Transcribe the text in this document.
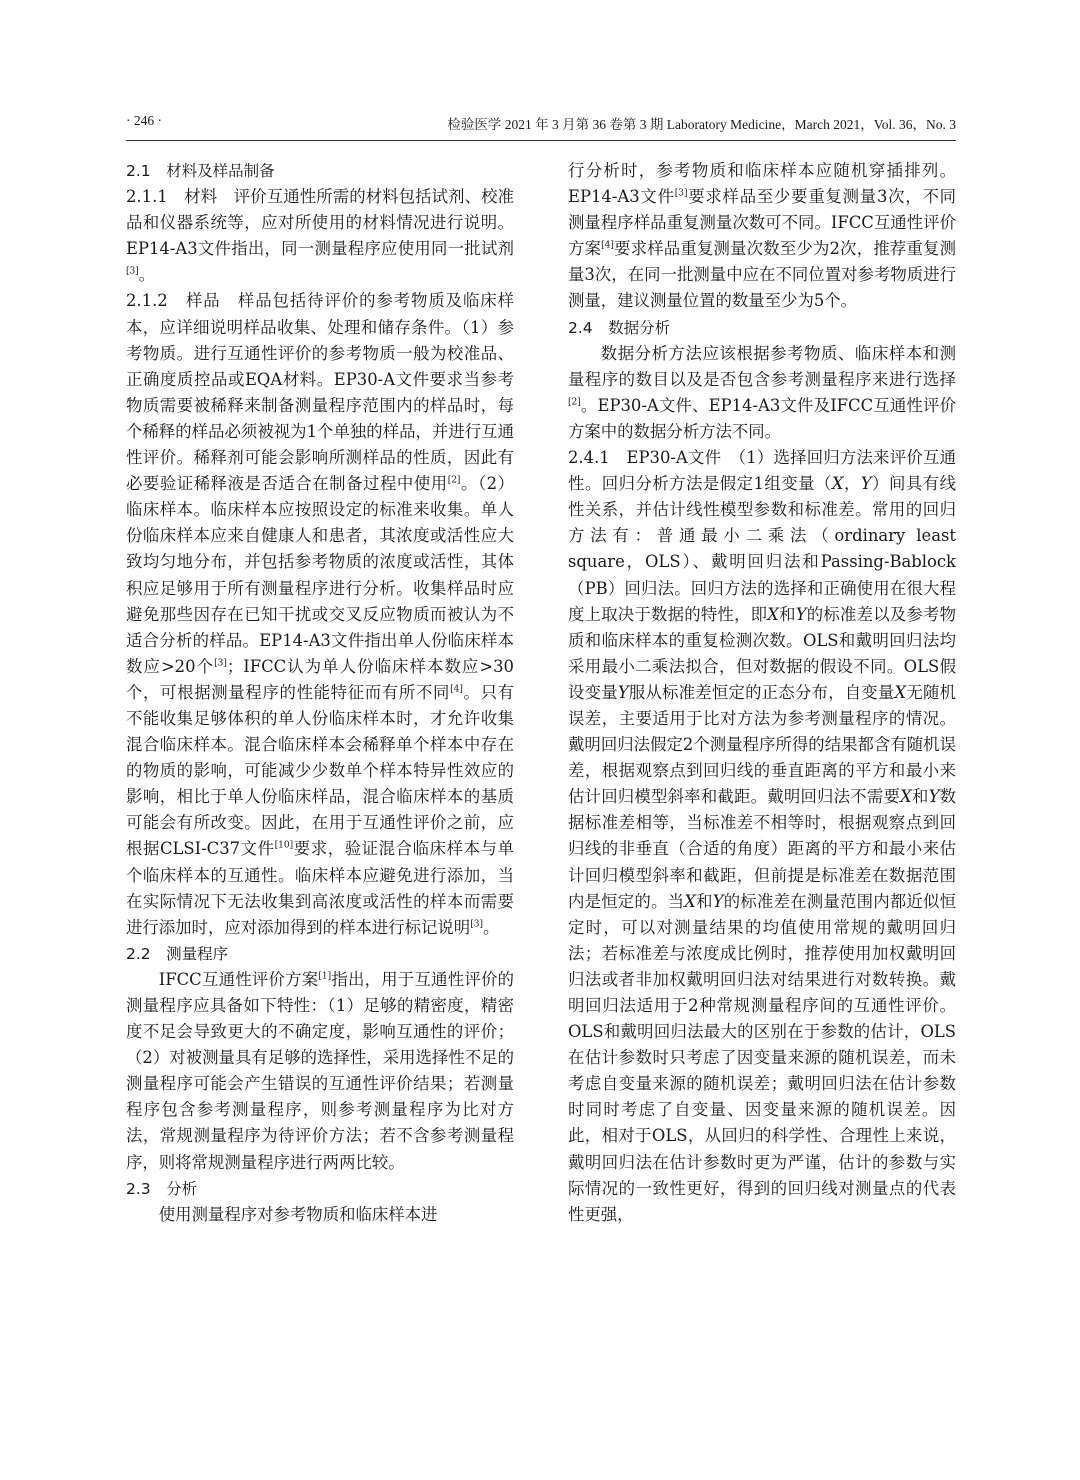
· 246 ·	检验医学 2021 年 3 月第 36 卷第 3 期 Laboratory Medicine，March 2021，Vol. 36，No. 3

2.1　材料及样品制备

2.1.1　材料　评价互通性所需的材料包括试剂、校准品和仪器系统等，应对所使用的材料情况进行说明。EP14-A3文件指出，同一测量程序应使用同一批试剂[3]。

2.1.2　样品　样品包括待评价的参考物质及临床样本，应详细说明样品收集、处理和储存条件。（1）参考物质。进行互通性评价的参考物质一般为校准品、正确度质控品或EQA材料。EP30-A文件要求当参考物质需要被稀释来制备测量程序范围内的样品时，每个稀释的样品必须被视为1个单独的样品，并进行互通性评价。稀释剂可能会影响所测样品的性质，因此有必要验证稀释液是否适合在制备过程中使用[2]。（2）临床样本。临床样本应按照设定的标准来收集。单人份临床样本应来自健康人和患者，其浓度或活性应大致均匀地分布，并包括参考物质的浓度或活性，其体积应足够用于所有测量程序进行分析。收集样品时应避免那些因存在已知干扰或交叉反应物质而被认为不适合分析的样品。EP14-A3文件指出单人份临床样本数应>20个[3]；IFCC认为单人份临床样本数应>30个，可根据测量程序的性能特征而有所不同[4]。只有不能收集足够体积的单人份临床样本时，才允许收集混合临床样本。混合临床样本会稀释单个样本中存在的物质的影响，可能减少少数单个样本特异性效应的影响，相比于单人份临床样品，混合临床样本的基质可能会有所改变。因此，在用于互通性评价之前，应根据CLSI-C37文件[10]要求，验证混合临床样本与单个临床样本的互通性。临床样本应避免进行添加，当在实际情况下无法收集到高浓度或活性的样本而需要进行添加时，应对添加得到的样本进行标记说明[3]。

2.2　测量程序

IFCC互通性评价方案[1]指出，用于互通性评价的测量程序应具备如下特性：（1）足够的精密度，精密度不足会导致更大的不确定度，影响互通性的评价；（2）对被测量具有足够的选择性，采用选择性不足的测量程序可能会产生错误的互通性评价结果；若测量程序包含参考测量程序，则参考测量程序为比对方法，常规测量程序为待评价方法；若不含参考测量程序，则将常规测量程序进行两两比较。

2.3　分析

使用测量程序对参考物质和临床样本进

行分析时，参考物质和临床样本应随机穿插排列。EP14-A3文件[3]要求样品至少要重复测量3次，不同测量程序样品重复测量次数可不同。IFCC互通性评价方案[4]要求样品重复测量次数至少为2次，推荐重复测量3次，在同一批测量中应在不同位置对参考物质进行测量，建议测量位置的数量至少为5个。

2.4　数据分析

数据分析方法应该根据参考物质、临床样本和测量程序的数目以及是否包含参考测量程序来进行选择[2]。EP30-A文件、EP14-A3文件及IFCC互通性评价方案中的数据分析方法不同。

2.4.1　EP30-A文件　（1）选择回归方法来评价互通性。回归分析方法是假定1组变量（X，Y）间具有线性关系，并估计线性模型参数和标准差。常用的回归方法有：普通最小二乘法（ordinary least square，OLS）、戴明回归法和Passing-Bablock（PB）回归法。回归方法的选择和正确使用在很大程度上取决于数据的特性，即X和Y的标准差以及参考物质和临床样本的重复检测次数。OLS和戴明回归法均采用最小二乘法拟合，但对数据的假设不同。OLS假设变量Y服从标准差恒定的正态分布，自变量X无随机误差，主要适用于比对方法为参考测量程序的情况。戴明回归法假定2个测量程序所得的结果都含有随机误差，根据观察点到回归线的垂直距离的平方和最小来估计回归模型斜率和截距。戴明回归法不需要X和Y数据标准差相等，当标准差不相等时，根据观察点到回归线的非垂直（合适的角度）距离的平方和最小来估计回归模型斜率和截距，但前提是标准差在数据范围内是恒定的。当X和Y的标准差在测量范围内都近似恒定时，可以对测量结果的均值使用常规的戴明回归法；若标准差与浓度成比例时，推荐使用加权戴明回归法或者非加权戴明回归法对结果进行对数转换。戴明回归法适用于2种常规测量程序间的互通性评价。OLS和戴明回归法最大的区别在于参数的估计，OLS在估计参数时只考虑了因变量来源的随机误差，而未考虑自变量来源的随机误差；戴明回归法在估计参数时同时考虑了自变量、因变量来源的随机误差。因此，相对于OLS，从回归的科学性、合理性上来说，戴明回归法在估计参数时更为严谨，估计的参数与实际情况的一致性更好，得到的回归线对测量点的代表性更强，
